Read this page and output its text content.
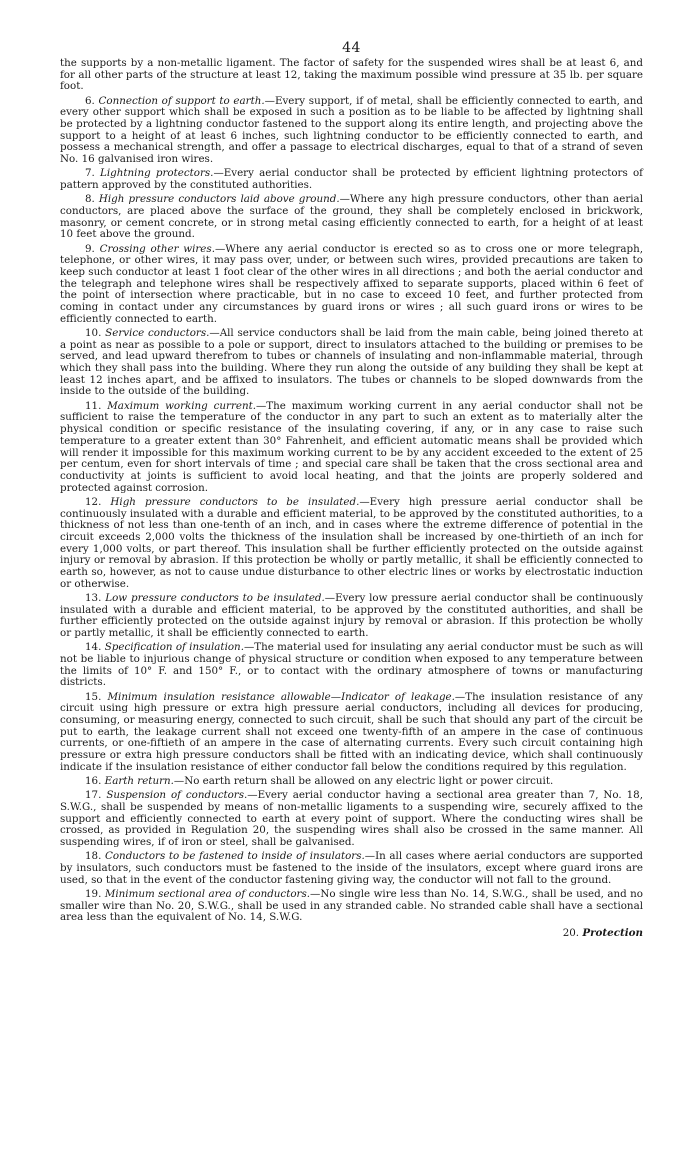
44

the supports by a non-metallic ligament. The factor of safety for the suspended wires shall be at least 6, and for all other parts of the structure at least 12, taking the maximum possible wind pressure at 35 lb. per square foot.

6. Connection of support to earth.—Every support, if of metal, shall be efficiently connected to earth, and every other support which shall be exposed in such a position as to be liable to be affected by lightning shall be protected by a lightning conductor fastened to the support along its entire length, and projecting above the support to a height of at least 6 inches, such lightning conductor to be efficiently connected to earth, and possess a mechanical strength, and offer a passage to electrical discharges, equal to that of a strand of seven No. 16 galvanised iron wires.

7. Lightning protectors.—Every aerial conductor shall be protected by efficient lightning protectors of pattern approved by the constituted authorities.

8. High pressure conductors laid above ground.—Where any high pressure conductors, other than aerial conductors, are placed above the surface of the ground, they shall be completely enclosed in brickwork, masonry, or cement concrete, or in strong metal casing efficiently connected to earth, for a height of at least 10 feet above the ground.

9. Crossing other wires.—Where any aerial conductor is erected so as to cross one or more telegraph, telephone, or other wires, it may pass over, under, or between such wires, provided precautions are taken to keep such conductor at least 1 foot clear of the other wires in all directions ; and both the aerial conductor and the telegraph and telephone wires shall be respectively affixed to separate supports, placed within 6 feet of the point of intersection where practicable, but in no case to exceed 10 feet, and further protected from coming in contact under any circumstances by guard irons or wires ; all such guard irons or wires to be efficiently connected to earth.

10. Service conductors.—All service conductors shall be laid from the main cable, being joined thereto at a point as near as possible to a pole or support, direct to insulators attached to the building or premises to be served, and lead upward therefrom to tubes or channels of insulating and non-inflammable material, through which they shall pass into the building. Where they run along the outside of any building they shall be kept at least 12 inches apart, and be affixed to insulators. The tubes or channels to be sloped downwards from the inside to the outside of the building.

11. Maximum working current.—The maximum working current in any aerial conductor shall not be sufficient to raise the temperature of the conductor in any part to such an extent as to materially alter the physical condition or specific resistance of the insulating covering, if any, or in any case to raise such temperature to a greater extent than 30° Fahrenheit, and efficient automatic means shall be provided which will render it impossible for this maximum working current to be by any accident exceeded to the extent of 25 per centum, even for short intervals of time ; and special care shall be taken that the cross sectional area and conductivity at joints is sufficient to avoid local heating, and that the joints are properly soldered and protected against corrosion.

12. High pressure conductors to be insulated.—Every high pressure aerial conductor shall be continuously insulated with a durable and efficient material, to be approved by the constituted authorities, to a thickness of not less than one-tenth of an inch, and in cases where the extreme difference of potential in the circuit exceeds 2,000 volts the thickness of the insulation shall be increased by one-thirtieth of an inch for every 1,000 volts, or part thereof. This insulation shall be further efficiently protected on the outside against injury or removal by abrasion. If this protection be wholly or partly metallic, it shall be efficiently connected to earth so, however, as not to cause undue disturbance to other electric lines or works by electrostatic induction or otherwise.

13. Low pressure conductors to be insulated.—Every low pressure aerial conductor shall be continuously insulated with a durable and efficient material, to be approved by the constituted authorities, and shall be further efficiently protected on the outside against injury by removal or abrasion. If this protection be wholly or partly metallic, it shall be efficiently connected to earth.

14. Specification of insulation.—The material used for insulating any aerial conductor must be such as will not be liable to injurious change of physical structure or condition when exposed to any temperature between the limits of 10° F. and 150° F., or to contact with the ordinary atmosphere of towns or manufacturing districts.

15. Minimum insulation resistance allowable—Indicator of leakage.—The insulation resistance of any circuit using high pressure or extra high pressure aerial conductors, including all devices for producing, consuming, or measuring energy, connected to such circuit, shall be such that should any part of the circuit be put to earth, the leakage current shall not exceed one twenty-fifth of an ampere in the case of continuous currents, or one-fiftieth of an ampere in the case of alternating currents. Every such circuit containing high pressure or extra high pressure conductors shall be fitted with an indicating device, which shall continuously indicate if the insulation resistance of either conductor fall below the conditions required by this regulation.

16. Earth return.—No earth return shall be allowed on any electric light or power circuit.

17. Suspension of conductors.—Every aerial conductor having a sectional area greater than 7, No. 18, S.W.G., shall be suspended by means of non-metallic ligaments to a suspending wire, securely affixed to the support and efficiently connected to earth at every point of support. Where the conducting wires shall be crossed, as provided in Regulation 20, the suspending wires shall also be crossed in the same manner. All suspending wires, if of iron or steel, shall be galvanised.

18. Conductors to be fastened to inside of insulators.—In all cases where aerial conductors are supported by insulators, such conductors must be fastened to the inside of the insulators, except where guard irons are used, so that in the event of the conductor fastening giving way, the conductor will not fall to the ground.

19. Minimum sectional area of conductors.—No single wire less than No. 14, S.W.G., shall be used, and no smaller wire than No. 20, S.W.G., shall be used in any stranded cable. No stranded cable shall have a sectional area less than the equivalent of No. 14, S.W.G.

20. Protection
